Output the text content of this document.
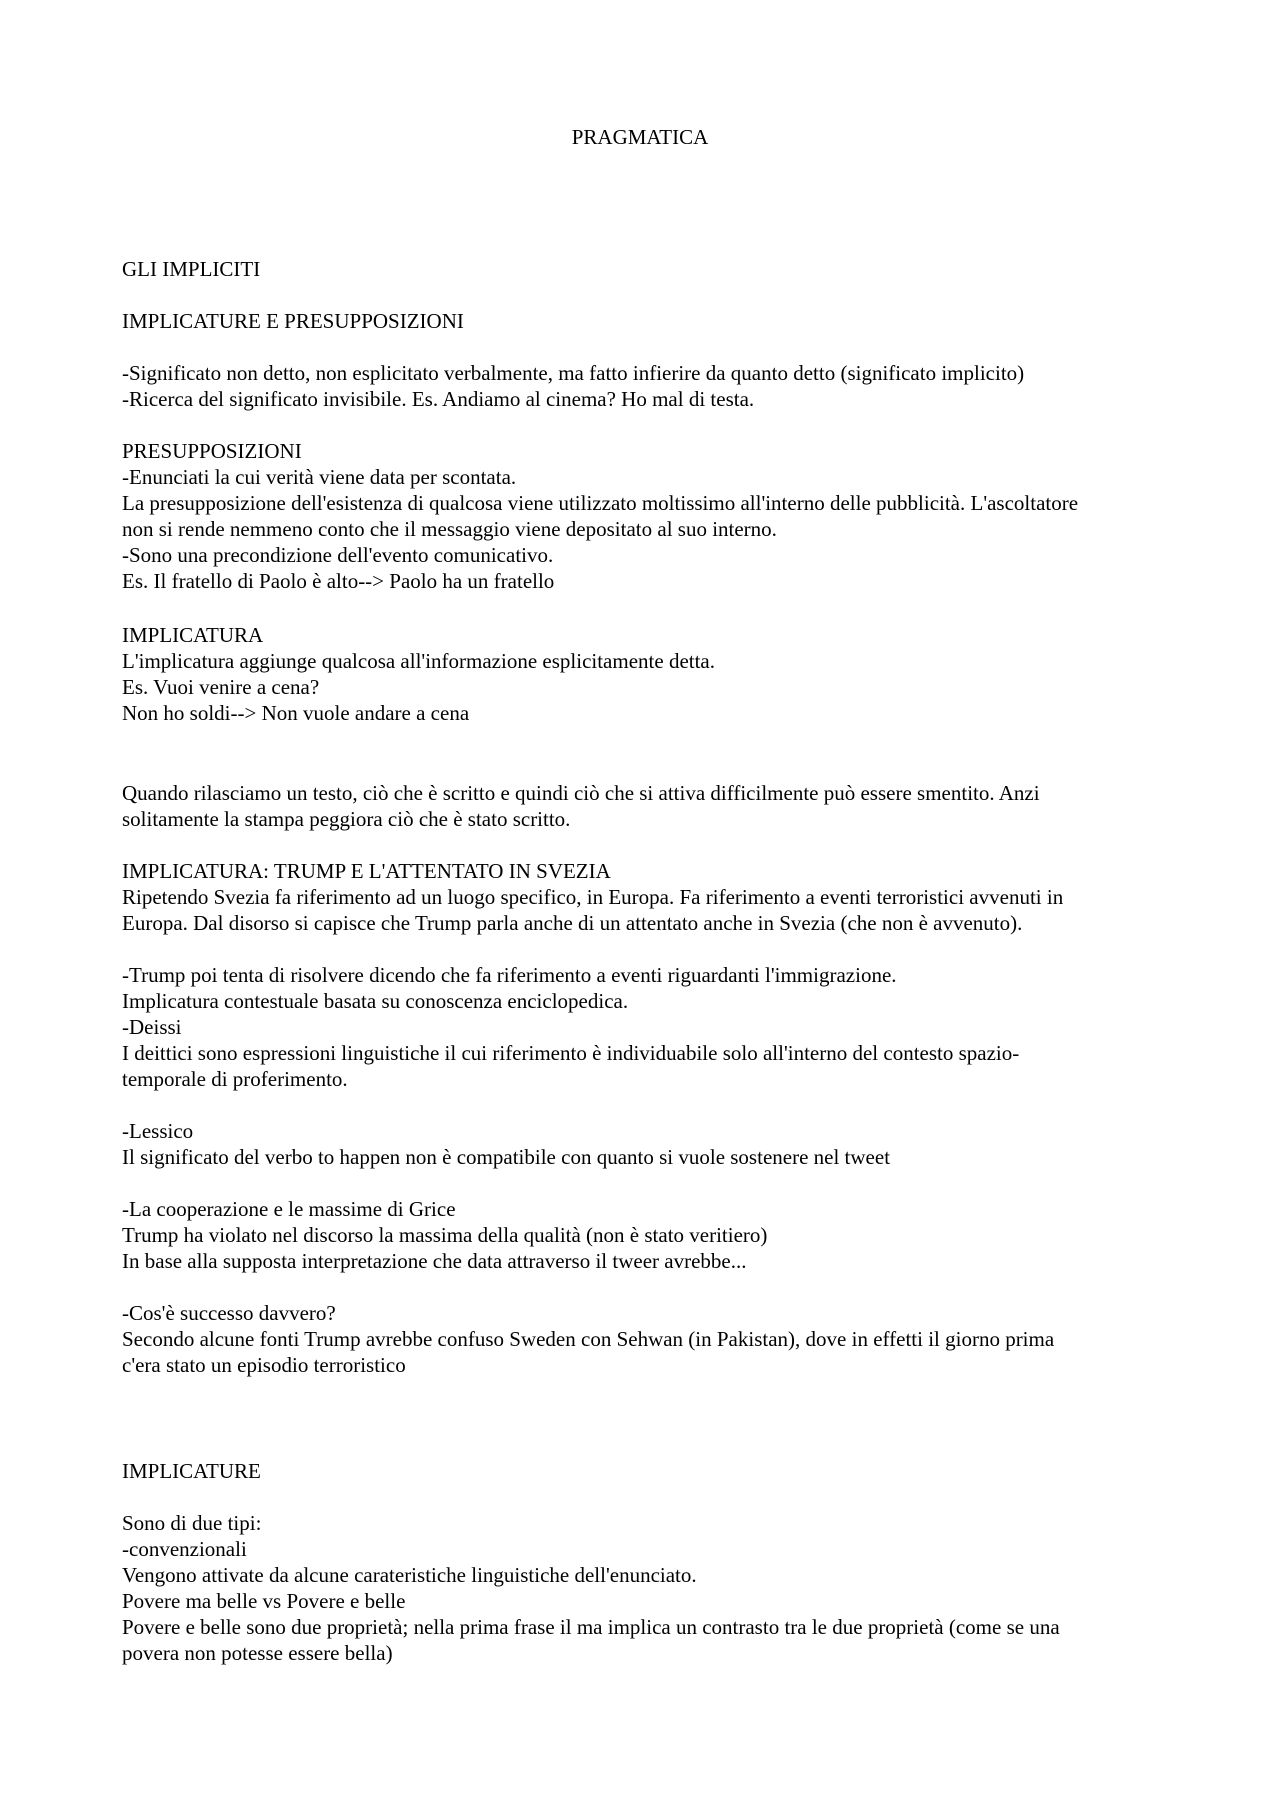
PRAGMATICA
GLI IMPLICITI
IMPLICATURE E PRESUPPOSIZIONI

-Significato non detto, non esplicitato verbalmente, ma fatto infierire da quanto detto (significato implicito)

-Ricerca del significato invisibile. Es. Andiamo al cinema? Ho mal di testa.

PRESUPPOSIZIONI

-Enunciati la cui verità viene data per scontata.

La presupposizione dell'esistenza di qualcosa viene utilizzato moltissimo all'interno delle pubblicità. L'ascoltatore

non si rende nemmeno conto che il messaggio viene depositato al suo interno.

-Sono una precondizione dell'evento comunicativo.

Es. Il fratello di Paolo è alto--> Paolo ha un fratello

IMPLICATURA

L'implicatura aggiunge qualcosa all'informazione esplicitamente detta.

Es. Vuoi venire a cena?

Non ho soldi--> Non vuole andare a cena

Quando rilasciamo un testo, ciò che è scritto e quindi ciò che si attiva difficilmente può essere smentito. Anzi

solitamente la stampa peggiora ciò che è stato scritto.

IMPLICATURA: TRUMP E L'ATTENTATO IN SVEZIA

Ripetendo Svezia fa riferimento ad un luogo specifico, in Europa. Fa riferimento a eventi terroristici avvenuti in

Europa. Dal disorso si capisce che Trump parla anche di un attentato anche in Svezia (che non è avvenuto).

-Trump poi tenta di risolvere dicendo che fa riferimento a eventi riguardanti l'immigrazione.

Implicatura contestuale basata su conoscenza enciclopedica.

-Deissi

I deittici sono espressioni linguistiche il cui riferimento è individuabile solo all'interno del contesto spazio-

temporale di proferimento.

-Lessico

Il significato del verbo to happen non è compatibile con quanto si vuole sostenere nel tweet

-La cooperazione e le massime di Grice

Trump ha violato nel discorso la massima della qualità (non è stato veritiero)

In base alla supposta interpretazione che data attraverso il tweer avrebbe...

-Cos'è successo davvero?

Secondo alcune fonti Trump avrebbe confuso Sweden con Sehwan (in Pakistan), dove in effetti il giorno prima

c'era stato un episodio terroristico

IMPLICATURE

Sono di due tipi:

-convenzionali

Vengono attivate da alcune carateristiche linguistiche dell'enunciato.

Povere ma belle vs Povere e belle

Povere e belle sono due proprietà; nella prima frase il ma implica un contrasto tra le due proprietà (come se una

povera non potesse essere bella)
